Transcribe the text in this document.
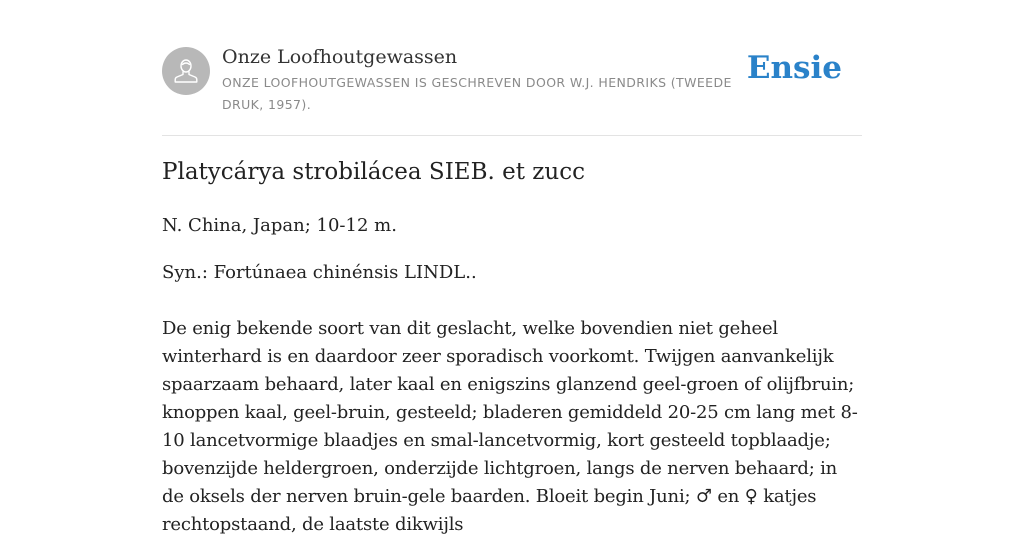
Onze Loofhoutgewassen
ONZE LOOFHOUTGEWASSEN IS GESCHREVEN DOOR W.J. HENDRIKS (TWEEDE DRUK, 1957).
Ensie
Platycárya strobilácea SIEB. et zucc

N. China, Japan; 10-12 m.

Syn.: Fortúnaea chinénsis LINDL..

De enig bekende soort van dit geslacht, welke bovendien niet geheel winterhard is en daardoor zeer sporadisch voorkomt. Twijgen aanvankelijk spaarzaam behaard, later kaal en enigszins glanzend geel-groen of olijfbruin; knoppen kaal, geel-bruin, gesteeld; bladeren gemiddeld 20-25 cm lang met 8-10 lancetvormige blaadjes en smal-lancetvormig, kort gesteeld topblaadje; bovenzijde heldergroen, onderzijde lichtgroen, langs de nerven behaard; in de oksels der nerven bruin-gele baarden. Bloeit begin Juni; ♂ en ♀ katjes rechtopstaand, de laatste dikwijls
